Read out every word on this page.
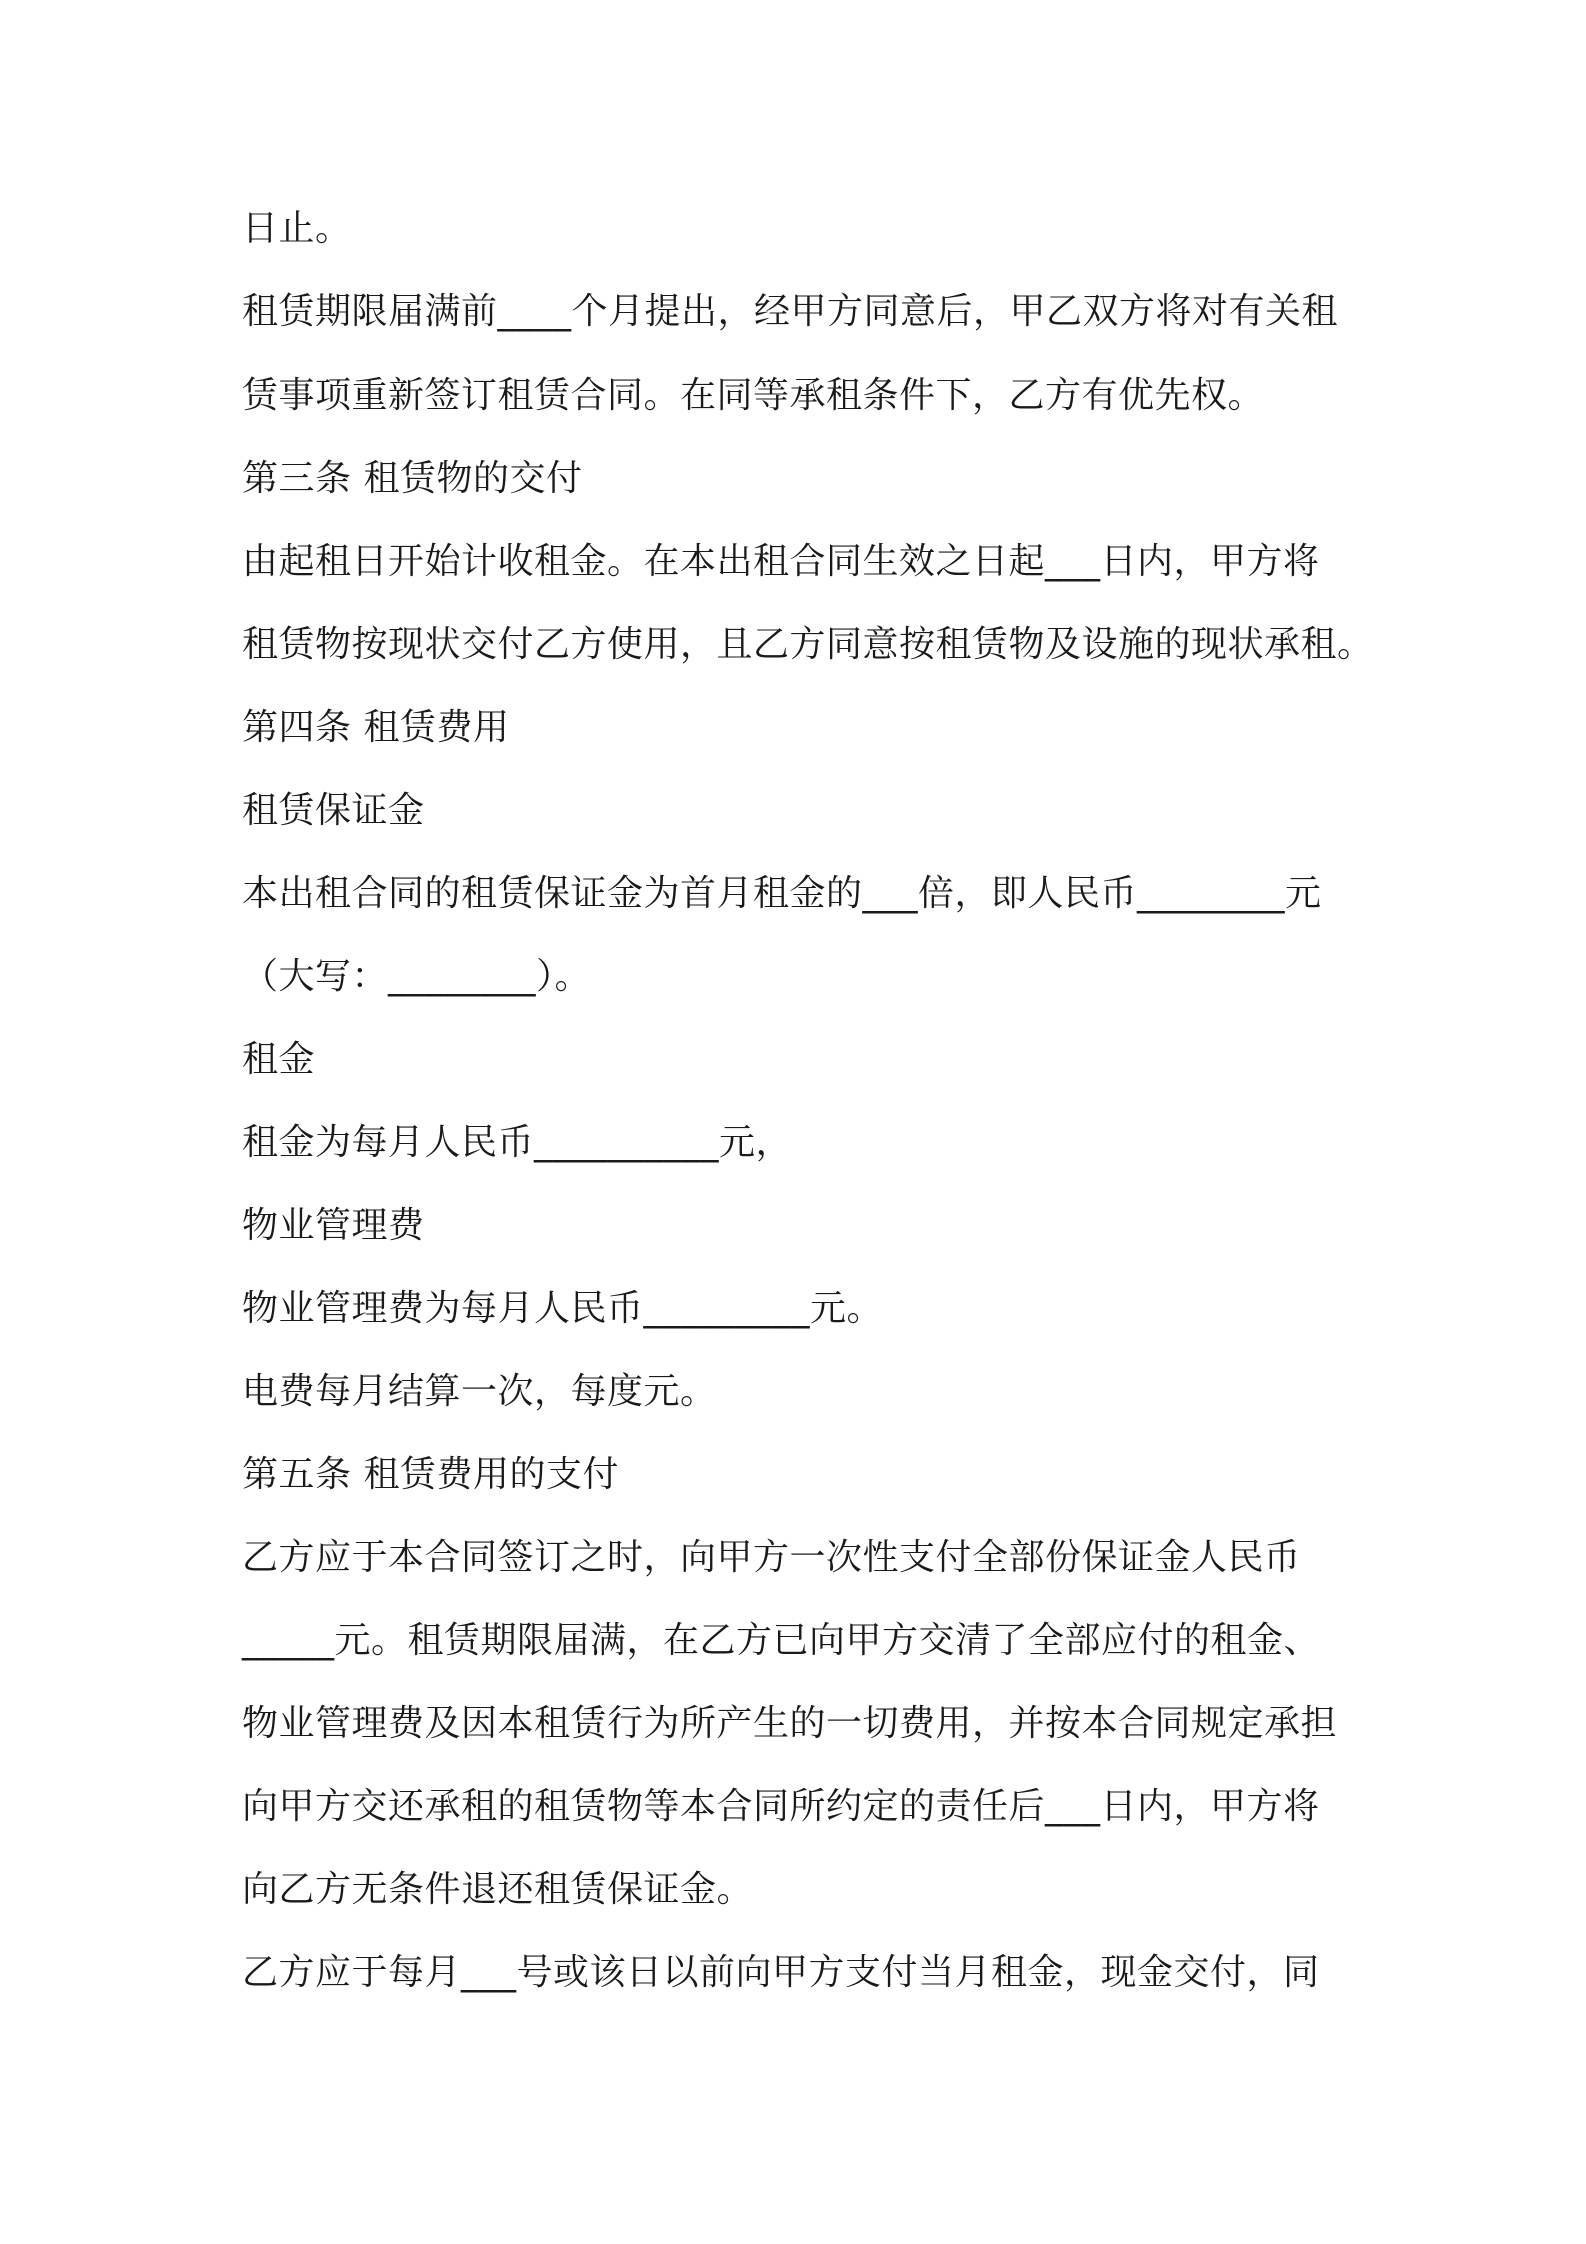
日止。
租赁期限届满前____个月提出，经甲方同意后，甲乙双方将对有关租
赁事项重新签订租赁合同。在同等承租条件下，乙方有优先权。
第三条 租赁物的交付
由起租日开始计收租金。在本出租合同生效之日起___日内，甲方将
租赁物按现状交付乙方使用，且乙方同意按租赁物及设施的现状承租。
第四条 租赁费用
租赁保证金
本出租合同的租赁保证金为首月租金的___倍，即人民币________元
（大写：________）。
租金
租金为每月人民币__________元，
物业管理费
物业管理费为每月人民币_________元。
电费每月结算一次，每度元。
第五条 租赁费用的支付
乙方应于本合同签订之时，向甲方一次性支付全部份保证金人民币
_____元。租赁期限届满，在乙方已向甲方交清了全部应付的租金、
物业管理费及因本租赁行为所产生的一切费用，并按本合同规定承担
向甲方交还承租的租赁物等本合同所约定的责任后___日内，甲方将
向乙方无条件退还租赁保证金。
乙方应于每月___号或该日以前向甲方支付当月租金，现金交付，同
